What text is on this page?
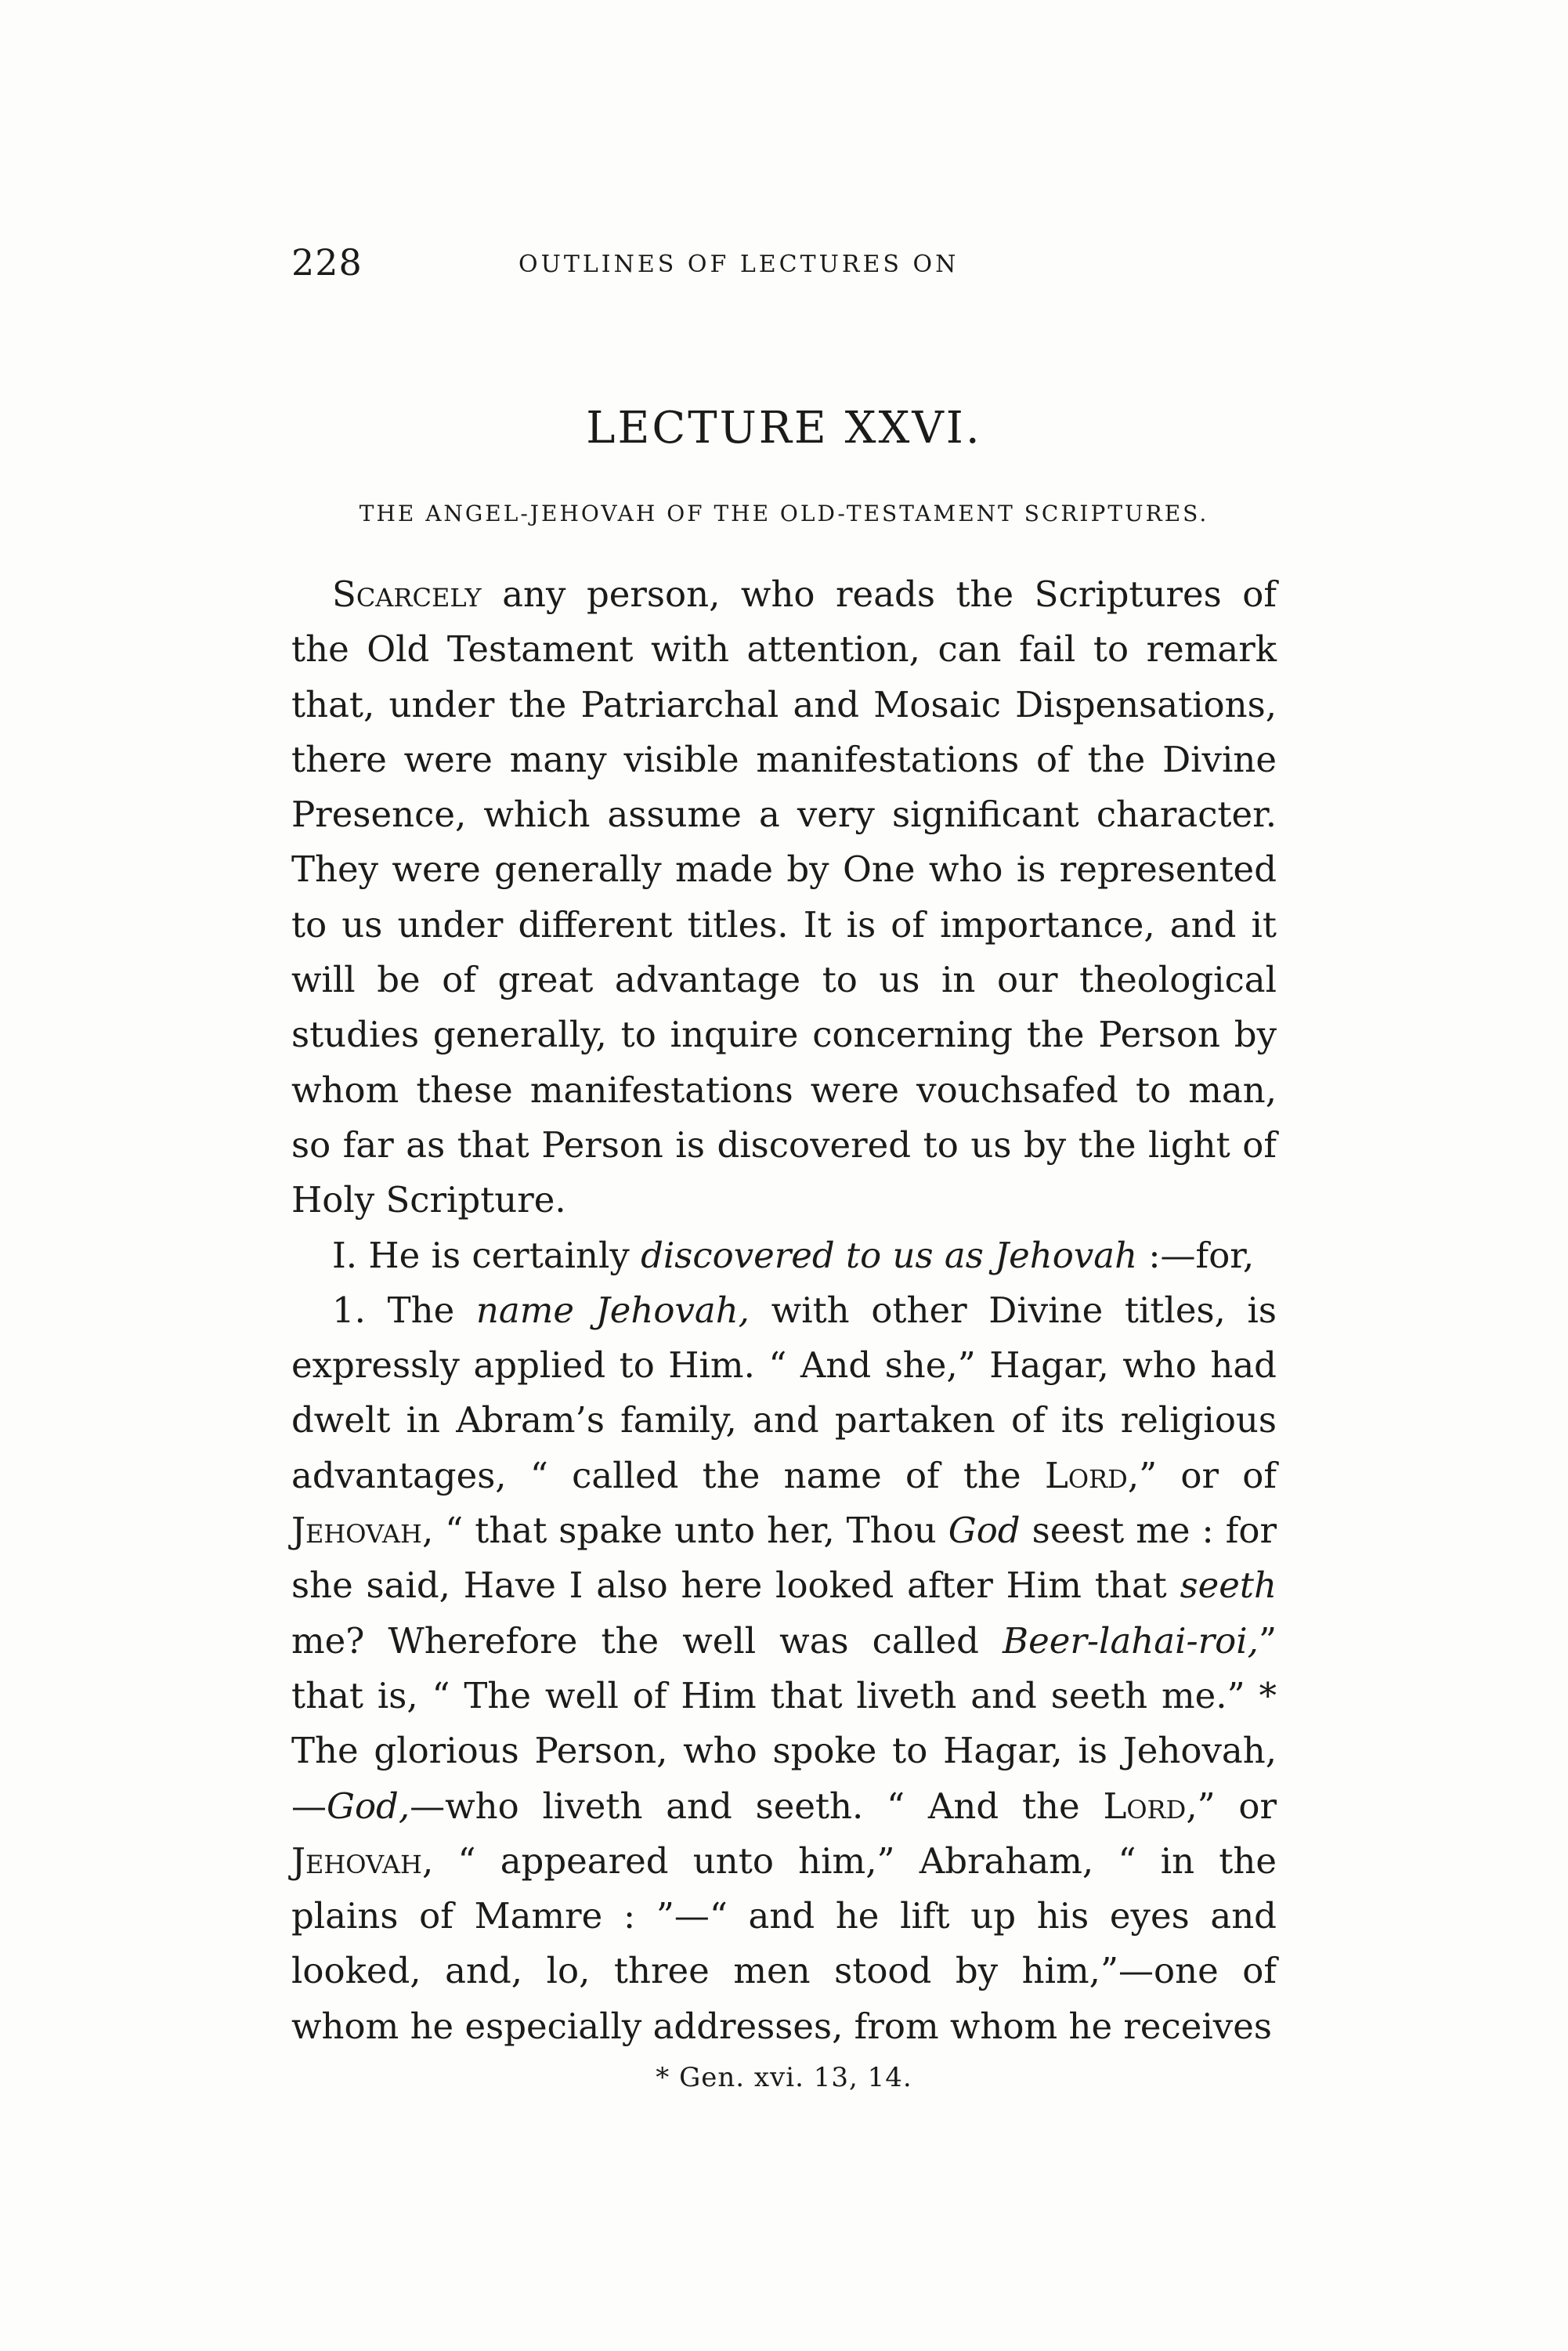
228	OUTLINES OF LECTURES ON
LECTURE XXVI.
THE ANGEL-JEHOVAH OF THE OLD-TESTAMENT SCRIPTURES.

Scarcely any person, who reads the Scriptures of the Old Testament with attention, can fail to remark that, under the Patriarchal and Mosaic Dispensations, there were many visible manifestations of the Divine Presence, which assume a very significant character. They were generally made by One who is represented to us under different titles. It is of importance, and it will be of great advantage to us in our theological studies generally, to inquire concerning the Person by whom these manifestations were vouchsafed to man, so far as that Person is discovered to us by the light of Holy Scripture.

I. He is certainly discovered to us as Jehovah :—for,

1. The name Jehovah, with other Divine titles, is expressly applied to Him. “ And she,” Hagar, who had dwelt in Abram’s family, and partaken of its religious advantages, “ called the name of the Lord,” or of Jehovah, “ that spake unto her, Thou God seest me : for she said, Have I also here looked after Him that seeth me? Wherefore the well was called Beer-lahai-roi,” that is, “ The well of Him that liveth and seeth me.” * The glorious Person, who spoke to Hagar, is Jehovah, —God,—who liveth and seeth. “ And the Lord,” or Jehovah, “ appeared unto him,” Abraham, “ in the plains of Mamre : ”—“ and he lift up his eyes and looked, and, lo, three men stood by him,”—one of whom he especially addresses, from whom he receives

* Gen. xvi. 13, 14.
